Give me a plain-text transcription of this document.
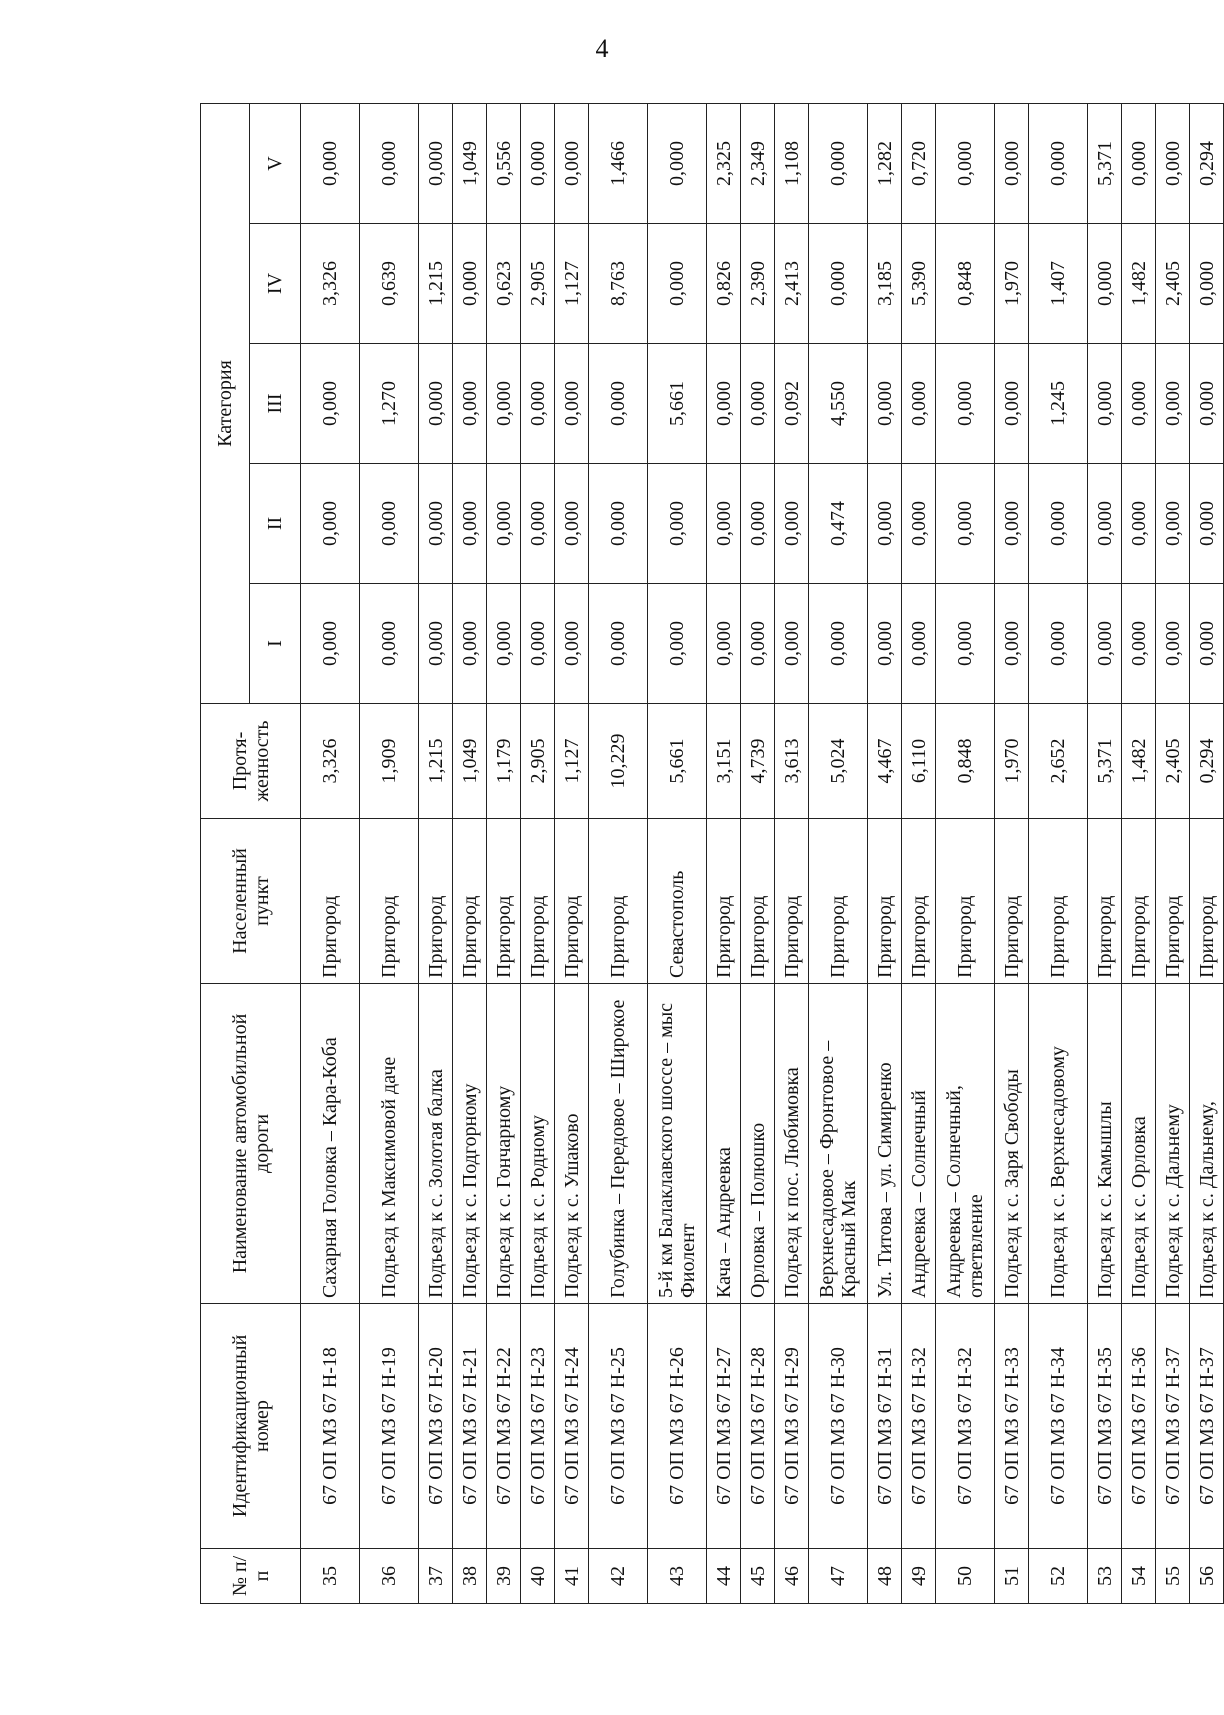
4
№ п/п	Идентификационный номер	Наименование автомобильной дороги	Населенный пункт	Протя-женность	Категория				
					I	II	III	IV	V
35	67 ОП МЗ 67 Н-18	Сахарная Головка – Кара-Коба	Пригород	3,326	0,000	0,000	0,000	3,326	0,000
36	67 ОП МЗ 67 Н-19	Подъезд к Максимовой даче	Пригород	1,909	0,000	0,000	1,270	0,639	0,000
37	67 ОП МЗ 67 Н-20	Подъезд к с. Золотая балка	Пригород	1,215	0,000	0,000	0,000	1,215	0,000
38	67 ОП МЗ 67 Н-21	Подъезд к с. Подгорному	Пригород	1,049	0,000	0,000	0,000	0,000	1,049
39	67 ОП МЗ 67 Н-22	Подъезд к с. Гончарному	Пригород	1,179	0,000	0,000	0,000	0,623	0,556
40	67 ОП МЗ 67 Н-23	Подъезд к с. Родному	Пригород	2,905	0,000	0,000	0,000	2,905	0,000
41	67 ОП МЗ 67 Н-24	Подъезд к с. Ушаково	Пригород	1,127	0,000	0,000	0,000	1,127	0,000
42	67 ОП МЗ 67 Н-25	Голубинка – Передовое – Широкое	Пригород	10,229	0,000	0,000	0,000	8,763	1,466
43	67 ОП МЗ 67 Н-26	5-й км Балаклавского шоссе – мыс Фиолент	Севастополь	5,661	0,000	0,000	5,661	0,000	0,000
44	67 ОП МЗ 67 Н-27	Кача – Андреевка	Пригород	3,151	0,000	0,000	0,000	0,826	2,325
45	67 ОП МЗ 67 Н-28	Орловка – Полюшко	Пригород	4,739	0,000	0,000	0,000	2,390	2,349
46	67 ОП МЗ 67 Н-29	Подъезд к пос. Любимовка	Пригород	3,613	0,000	0,000	0,092	2,413	1,108
47	67 ОП МЗ 67 Н-30	Верхнесадовое – Фронтовое – Красный Мак	Пригород	5,024	0,000	0,474	4,550	0,000	0,000
48	67 ОП МЗ 67 Н-31	Ул. Титова – ул. Симиренко	Пригород	4,467	0,000	0,000	0,000	3,185	1,282
49	67 ОП МЗ 67 Н-32	Андреевка – Солнечный	Пригород	6,110	0,000	0,000	0,000	5,390	0,720
50	67 ОП МЗ 67 Н-32	Андреевка – Солнечный, ответвление	Пригород	0,848	0,000	0,000	0,000	0,848	0,000
51	67 ОП МЗ 67 Н-33	Подъезд к с. Заря Свободы	Пригород	1,970	0,000	0,000	0,000	1,970	0,000
52	67 ОП МЗ 67 Н-34	Подъезд к с. Верхнесадовому	Пригород	2,652	0,000	0,000	1,245	1,407	0,000
53	67 ОП МЗ 67 Н-35	Подъезд к с. Камышлы	Пригород	5,371	0,000	0,000	0,000	0,000	5,371
54	67 ОП МЗ 67 Н-36	Подъезд к с. Орловка	Пригород	1,482	0,000	0,000	0,000	1,482	0,000
55	67 ОП МЗ 67 Н-37	Подъезд к с. Дальнему	Пригород	2,405	0,000	0,000	0,000	2,405	0,000
56	67 ОП МЗ 67 Н-37	Подъезд к с. Дальнему,	Пригород	0,294	0,000	0,000	0,000	0,000	0,294
